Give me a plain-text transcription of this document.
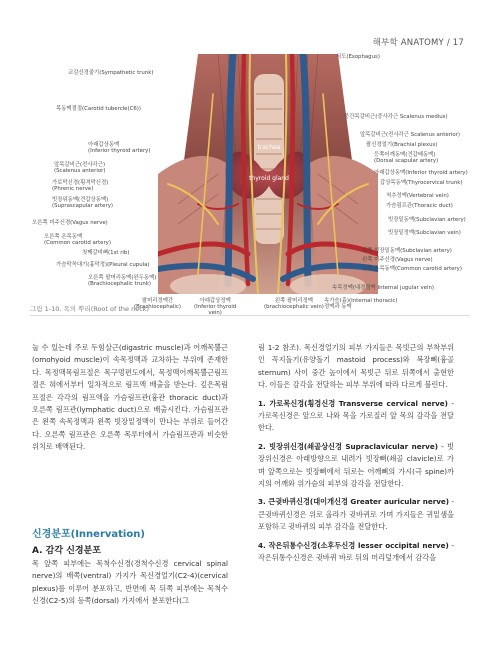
해부학 ANATOMY / 17
trachea
thyroid gland
교감신경줄기(Sympathetic trunk)
목동맥결절(Carotid tubercle(C6))
아래갑상동맥
(Inferior thyroid artery)
앞목갈비근(전사각근)
(Scalenus anterior)
가로막신경(횡격막신경)
(Phrenic nerve)
빗장위동맥(견갑상동맥)
(Suprascapular artery)
오른쪽 미주신경(Vagus nerve)
오른쪽 온목동맥
(Common carotid artery)
첫째갈비뼈(1st rib)
가슴막꼭대기(흉막정)(Pleural cupula)
오른쪽 팔머리동맥(완두동맥)
(Brachiocephalic trunk)
팔머리정맥간
(Brachiocephalic)
아래갑상정맥
(Inferior thyroid
vein)
왼쪽 팔머리정맥
(brachiocephalic vein)
속가슴(흉)(Internal thoracic)
정맥과 동맥
식도(Esophagus)
중간목갈비근(중사각근 Scalenus medius)
앞목갈비근(전사각근 Scalenus anterior)
팔신경얼기(Brachial plexus)
등쪽어깨동맥(견갑배동맥)
(Dorsal scapular artery)
아래갑상동맥(Inferior thyroid artery)
갑상목동맥(Thyrocervical trunk)
척추정맥(Vertebral vein)
가슴림프관(Thoracic duct)
빗장밑동맥(Subclavian artery)
빗장밑정맥(Subclavian vein)
왼쪽 빗장밑동맥(Subclavian artery)
왼쪽 미주신경(Vagus nerve)
왼쪽 온목동맥(Common carotid artery)
속목정맥(내경정맥 Internal jugular vein)
그림 1-10. 목의 뿌리(Root of the neck)

눌 수 있는데 주로 두힘살근(digastric muscle)과 어깨목뿔근(omohyoid muscle)이 속목정맥과 교차하는 부위에 존재한다. 목정맥목림프절은 목구멍편도에서, 목정맥어깨목뿔근림프절은 혀에서부터 일차적으로 림프액 배출을 받는다. 깊은목림프절은 각각의 림프액을 가슴림프관(흉관 thoracic duct)과 오른쪽 림프관(lymphatic duct)으로 배출시킨다. 가슴림프관은 왼쪽 속목정맥과 왼쪽 빗장밑정맥이 만나는 부위로 들어간다. 오른쪽 림프관은 오른쪽 목루터에서 가슴림프관과 비슷한 위치로 배액된다.

림 1-2 참조). 목신경얼기의 피부 가지들은 목빗근의 부착부위인 꼭지돌기(유양돌기 mastoid process)와 복장뼈(흉골 sternum) 사이 중간 높이에서 목빗근 뒤로 뒤쪽에서 출현한다. 이들은 감각을 전달하는 피부 부위에 따라 다르게 불린다.

1. 가로목신경(횡경신경 Transverse cervical nerve) - 가로목신경은 앞으로 나와 목을 가로질러 앞 목의 감각을 전달한다.

2. 빗장위신경(쇄골상신경 Supraclavicular nerve) - 빗장위신경은 아래방향으로 내려가 빗장뼈(쇄골 clavicle)로 가며 앞쪽으로는 빗장뼈에서 뒤로는 어깨뼈의 가시(극 spine)까지의 어깨와 위가슴의 피부의 감각을 전달한다.

3. 큰귓바퀴신경(대이개신경 Greater auricular nerve) - 큰귓바퀴신경은 위로 올라가 귓바퀴로 가며 가지들은 귀밑샘을 포함하고 귓바퀴의 피부 감각을 전달한다.

4. 작은뒤통수신경(소후두신경 lesser occipital nerve) - 작은뒤통수신경은 귓바퀴 바로 뒤의 머리덮개에서 감각을

신경분포(Innervation)
A. 감각 신경분포
목 앞쪽 피부에는 목척수신경(경척수신경 cervical spinal nerve)의 배쪽(ventral) 가지가 목신경얼기(C2-4)(cervical plexus)를 이루어 분포하고, 반면에 목 뒤쪽 피부에는 목척수신경(C2-5)의 등쪽(dorsal) 가지에서 분포한다(그
